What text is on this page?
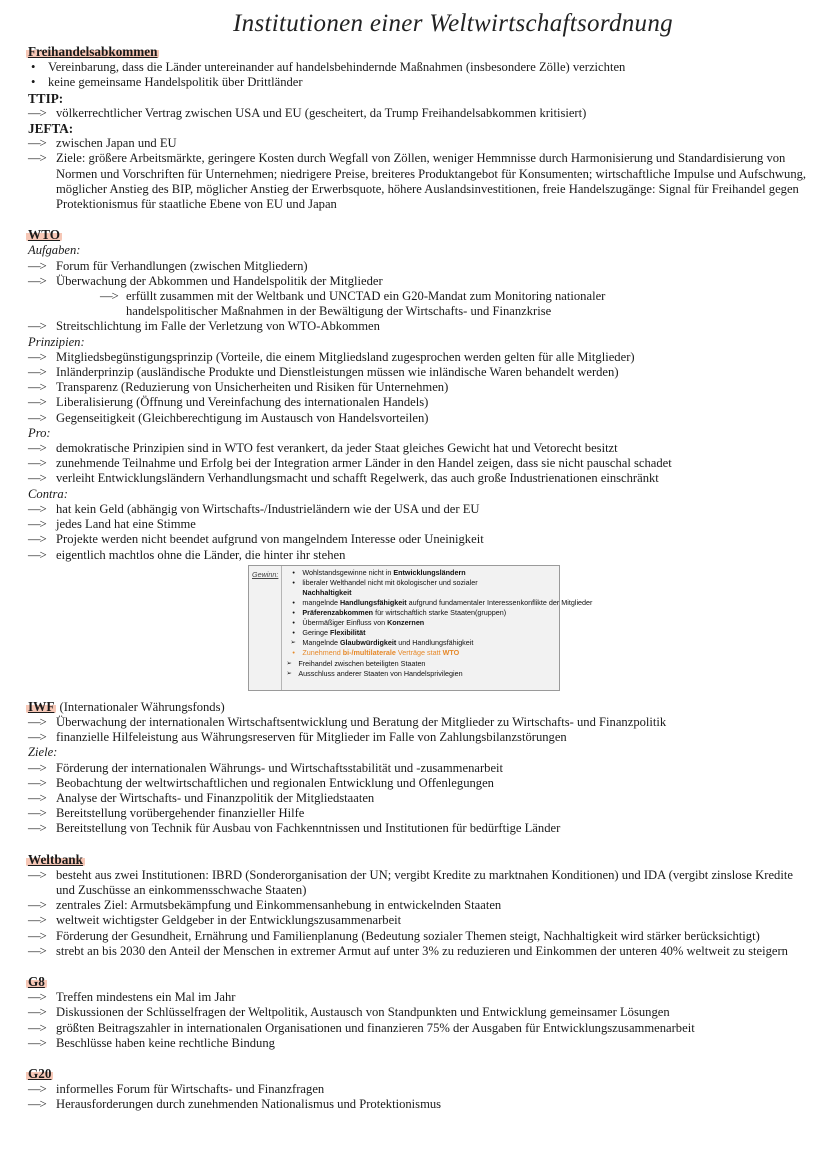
Institutionen einer Weltwirtschaftsordnung
Freihandelsabkommen
• Vereinbarung, dass die Länder untereinander auf handelsbehindernde Maßnahmen (insbesondere Zölle) verzichten
• keine gemeinsame Handelspolitik über Drittländer
TTIP:
—> völkerrechtlicher Vertrag zwischen USA und EU (gescheitert, da Trump Freihandelsabkommen kritisiert)
JEFTA:
—> zwischen Japan und EU
—> Ziele: größere Arbeitsmärkte, geringere Kosten durch Wegfall von Zöllen, weniger Hemmnisse durch Harmonisierung und Standardisierung von Normen und Vorschriften für Unternehmen; niedrigere Preise, breiteres Produktangebot für Konsumenten; wirtschaftliche Impulse und Aufschwung, möglicher Anstieg des BIP, möglicher Anstieg der Erwerbsquote, höhere Auslandsinvestitionen, freie Handelszugänge: Signal für Freihandel gegen Protektionismus für staatliche Ebene von EU und Japan
WTO
Aufgaben:
—> Forum für Verhandlungen (zwischen Mitgliedern)
—> Überwachung der Abkommen und Handelspolitik der Mitglieder
—> erfüllt zusammen mit der Weltbank und UNCTAD ein G20-Mandat zum Monitoring nationaler handelspolitischer Maßnahmen in der Bewältigung der Wirtschafts- und Finanzkrise
—> Streitschlichtung im Falle der Verletzung von WTO-Abkommen
Prinzipien:
—> Mitgliedsbegünstigungsprinzip (Vorteile, die einem Mitgliedsland zugesprochen werden gelten für alle Mitglieder)
—> Inländerprinzip (ausländische Produkte und Dienstleistungen müssen wie inländische Waren behandelt werden)
—> Transparenz (Reduzierung von Unsicherheiten und Risiken für Unternehmen)
—> Liberalisierung (Öffnung und Vereinfachung des internationalen Handels)
—> Gegenseitigkeit (Gleichberechtigung im Austausch von Handelsvorteilen)
Pro:
—> demokratische Prinzipien sind in WTO fest verankert, da jeder Staat gleiches Gewicht hat und Vetorecht besitzt
—> zunehmende Teilnahme und Erfolg bei der Integration armer Länder in den Handel zeigen, dass sie nicht pauschal schadet
—> verleiht Entwicklungsländern Verhandlungsmacht und schafft Regelwerk, das auch große Industrienationen einschränkt
Contra:
—> hat kein Geld (abhängig von Wirtschafts-/Industrieländern wie der USA und der EU
—> jedes Land hat eine Stimme
—> Projekte werden nicht beendet aufgrund von mangelndem Interesse oder Uneinigkeit
—> eigentlich machtlos ohne die Länder, die hinter ihr stehen
Gewinn:
•	Wohlstandsgewinne nicht in Entwicklungsländern
• liberaler Welthandel nicht mit ökologischer und sozialer
Nachhaltigkeit
• mangelnde Handlungsfähigkeit aufgrund fundamentaler Interessenkonflikte der Mitglieder
• Präferenzabkommen für wirtschaftlich starke Staaten(gruppen)
• Übermäßiger Einfluss von Konzernen
• Geringe Flexibilität
➢ Mangelnde Glaubwürdigkeit und Handlungsfähigkeit
• Zunehmend bi-/multilaterale Verträge statt WTO
➢ Freihandel zwischen beteiligten Staaten
➢ Ausschluss anderer Staaten von Handelsprivilegien
IWF (Internationaler Währungsfonds)
—> Überwachung der internationalen Wirtschaftsentwicklung und Beratung der Mitglieder zu Wirtschafts- und Finanzpolitik
—> finanzielle Hilfeleistung aus Währungsreserven für Mitglieder im Falle von Zahlungsbilanzstörungen
Ziele:
—> Förderung der internationalen Währungs- und Wirtschaftsstabilität und -zusammenarbeit
—> Beobachtung der weltwirtschaftlichen und regionalen Entwicklung und Offenlegungen
—> Analyse der Wirtschafts- und Finanzpolitik der Mitgliedstaaten
—> Bereitstellung vorübergehender finanzieller Hilfe
—> Bereitstellung von Technik für Ausbau von Fachkenntnissen und Institutionen für bedürftige Länder
Weltbank
—> besteht aus zwei Institutionen: IBRD (Sonderorganisation der UN; vergibt Kredite zu marktnahen Konditionen) und IDA (vergibt zinslose Kredite und Zuschüsse an einkommensschwache Staaten)
—> zentrales Ziel: Armutsbekämpfung und Einkommensanhebung in entwickelnden Staaten
—> weltweit wichtigster Geldgeber in der Entwicklungszusammenarbeit
—> Förderung der Gesundheit, Ernährung und Familienplanung (Bedeutung sozialer Themen steigt, Nachhaltigkeit wird stärker berücksichtigt)
—> strebt an bis 2030 den Anteil der Menschen in extremer Armut auf unter 3% zu reduzieren und Einkommen der unteren 40% weltweit zu steigern
G8
—> Treffen mindestens ein Mal im Jahr
—> Diskussionen der Schlüsselfragen der Weltpolitik, Austausch von Standpunkten und Entwicklung gemeinsamer Lösungen
—> größten Beitragszahler in internationalen Organisationen und finanzieren 75% der Ausgaben für Entwicklungszusammenarbeit
—> Beschlüsse haben keine rechtliche Bindung
G20
—> informelles Forum für Wirtschafts- und Finanzfragen
—> Herausforderungen durch zunehmenden Nationalismus und Protektionismus
